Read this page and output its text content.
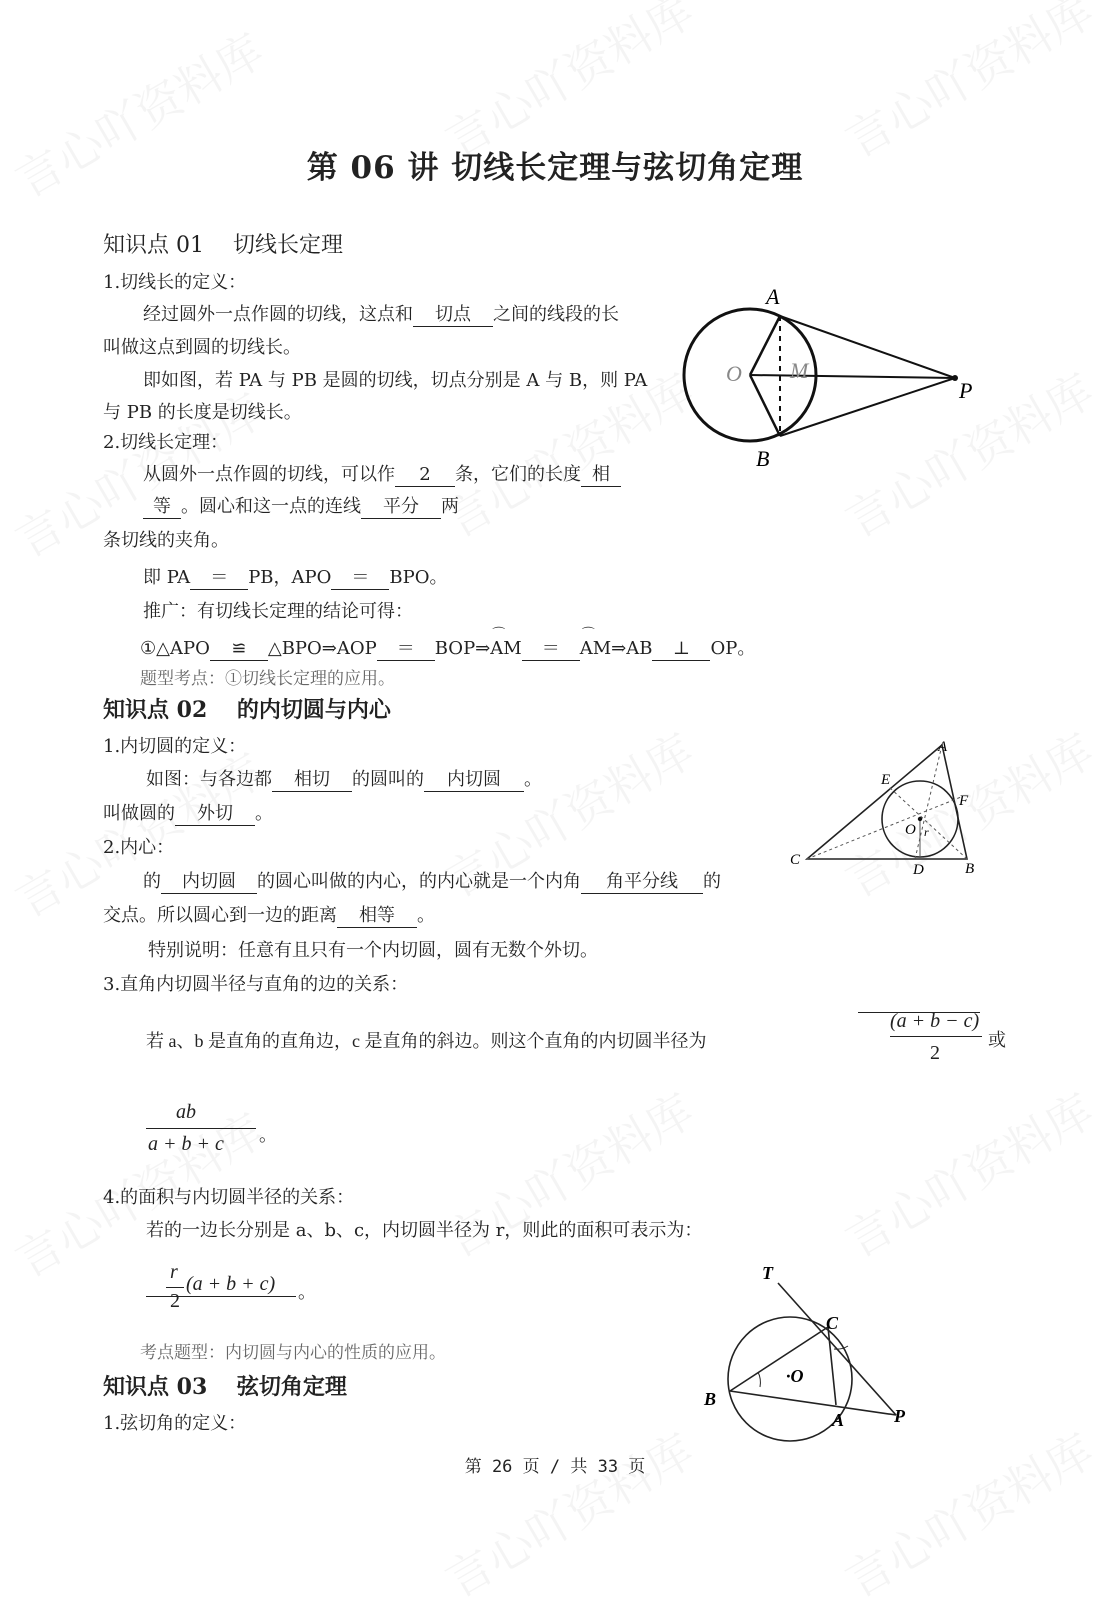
第 06 讲 切线长定理与弦切角定理
知识点 01　 切线长定理
1.切线长的定义：
经过圆外一点作圆的切线，这点和 切点 之间的线段的长
叫做这点到圆的切线长。
即如图，若 PA 与 PB 是圆的切线，切点分别是 A 与 B，则 PA
与 PB 的长度是切线长。
2.切线长定理：
从圆外一点作圆的切线，可以作 2 条，它们的长度 相
等 。圆心和这一点的连线 平分 两
条切线的夹角。
即 PA ＝ PB，APO ＝ BPO。
推广：有切线长定理的结论可得：
①△APO ≌ △BPO⇒AOP ＝ BOP⇒⌒ AM ＝⌒ AM⇒AB ⊥ OP。
题型考点：①切线长定理的应用。
A
B
O M
P
知识点 02　 的内切圆与内心
1.内切圆的定义：
如图：与各边都 相切 的圆叫的 内切圆 。
叫做圆的 外切 。
2.内心：
的 内切圆 的圆心叫做的内心，的内心就是一个内角 角平分线 的
交点。所以圆心到一边的距离 相等 。
特别说明：任意有且只有一个内切圆，圆有无数个外切。
3.直角内切圆半径与直角的边的关系：
若 a、b 是直角的直角边，c 是直角的斜边。则这个直角的内切圆半径为
(a + b − c)
2
或
ab
a + b + c 。
4.的面积与内切圆半径的关系：
若的一边长分别是 a、b、c，内切圆半径为 r，则此的面积可表示为：
r
2
(a + b + c) 。
考点题型：内切圆与内心的性质的应用。
A
B
C
D
E
F
O r
知识点 03　 弦切角定理
1.弦切角的定义：
T
C
·O
B
A	P
第 26 页 / 共 33 页
